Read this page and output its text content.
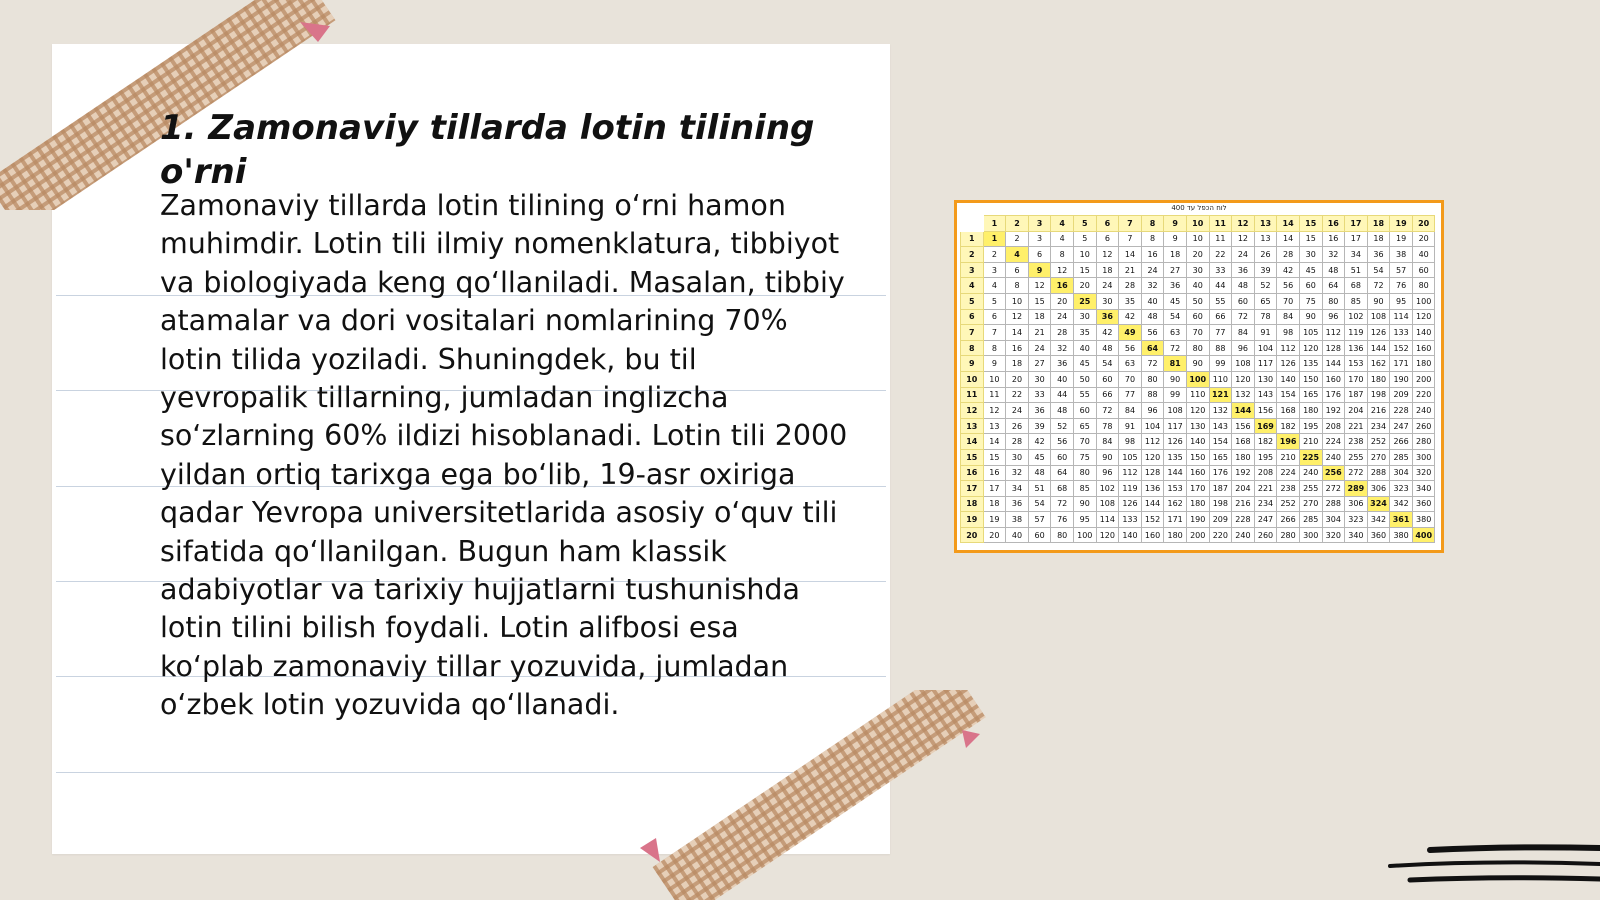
1. Zamonaviy tillarda lotin tilining o'rni

Zamonaviy tillarda lotin tilining o‘rni hamon muhimdir. Lotin tili ilmiy nomenklatura, tibbiyot va biologiyada keng qo‘llaniladi. Masalan, tibbiy atamalar va dori vositalari nomlarining 70% lotin tilida yoziladi. Shuningdek, bu til yevropalik tillarning, jumladan inglizcha so‘zlarning 60% ildizi hisoblanadi. Lotin tili 2000 yildan ortiq tarixga ega bo‘lib, 19-asr oxiriga qadar Yevropa universitetlarida asosiy o‘quv tili sifatida qo‘llanilgan. Bugun ham klassik adabiyotlar va tarixiy hujjatlarni tushunishda lotin tilini bilish foydali. Lotin alifbosi esa ko‘plab zamonaviy tillar yozuvida, jumladan o‘zbek lotin yozuvida qo‘llanadi.

לוח הכפל עד 400
	1	2	3	4	5	6	7	8	9	10	11	12	13	14	15	16	17	18	19	20
1	1	2	3	4	5	6	7	8	9	10	11	12	13	14	15	16	17	18	19	20
2	2	4	6	8	10	12	14	16	18	20	22	24	26	28	30	32	34	36	38	40
3	3	6	9	12	15	18	21	24	27	30	33	36	39	42	45	48	51	54	57	60
4	4	8	12	16	20	24	28	32	36	40	44	48	52	56	60	64	68	72	76	80
5	5	10	15	20	25	30	35	40	45	50	55	60	65	70	75	80	85	90	95	100
6	6	12	18	24	30	36	42	48	54	60	66	72	78	84	90	96	102	108	114	120
7	7	14	21	28	35	42	49	56	63	70	77	84	91	98	105	112	119	126	133	140
8	8	16	24	32	40	48	56	64	72	80	88	96	104	112	120	128	136	144	152	160
9	9	18	27	36	45	54	63	72	81	90	99	108	117	126	135	144	153	162	171	180
10	10	20	30	40	50	60	70	80	90	100	110	120	130	140	150	160	170	180	190	200
11	11	22	33	44	55	66	77	88	99	110	121	132	143	154	165	176	187	198	209	220
12	12	24	36	48	60	72	84	96	108	120	132	144	156	168	180	192	204	216	228	240
13	13	26	39	52	65	78	91	104	117	130	143	156	169	182	195	208	221	234	247	260
14	14	28	42	56	70	84	98	112	126	140	154	168	182	196	210	224	238	252	266	280
15	15	30	45	60	75	90	105	120	135	150	165	180	195	210	225	240	255	270	285	300
16	16	32	48	64	80	96	112	128	144	160	176	192	208	224	240	256	272	288	304	320
17	17	34	51	68	85	102	119	136	153	170	187	204	221	238	255	272	289	306	323	340
18	18	36	54	72	90	108	126	144	162	180	198	216	234	252	270	288	306	324	342	360
19	19	38	57	76	95	114	133	152	171	190	209	228	247	266	285	304	323	342	361	380
20	20	40	60	80	100	120	140	160	180	200	220	240	260	280	300	320	340	360	380	400
